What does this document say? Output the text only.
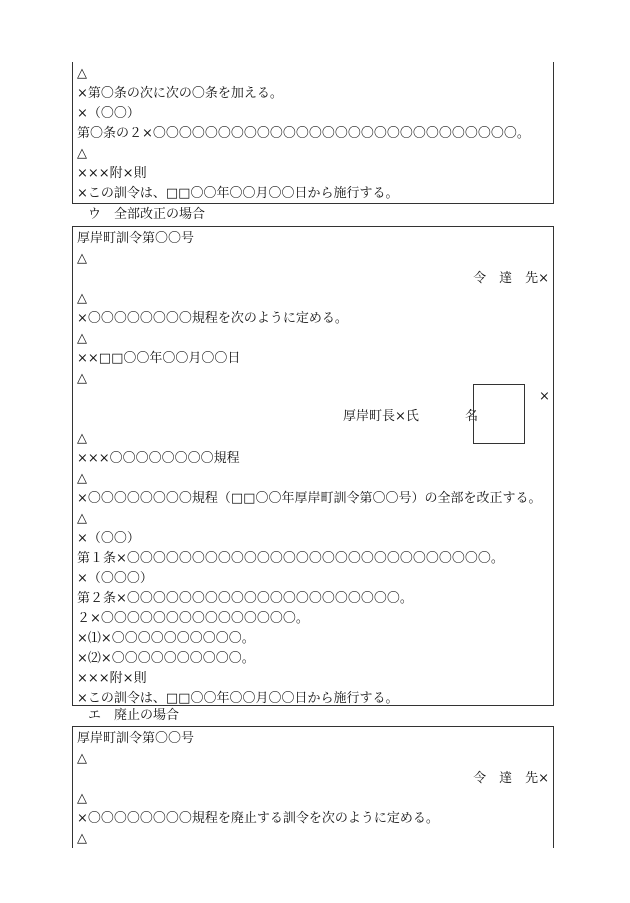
△
×第〇条の次に次の〇条を加える。
×（〇〇）
第〇条の２×〇〇〇〇〇〇〇〇〇〇〇〇〇〇〇〇〇〇〇〇〇〇〇〇〇〇〇〇。
△
×××附×則
×この訓令は、□□〇〇年〇〇月〇〇日から施行する。
ウ　全部改正の場合
厚岸町訓令第〇〇号
△
令　達　先×
△
×〇〇〇〇〇〇〇〇規程を次のように定める。
△
××□□〇〇年〇〇月〇〇日
△
厚岸町長×氏	名
×
△
×××〇〇〇〇〇〇〇〇規程
△
×〇〇〇〇〇〇〇〇規程（□□〇〇年厚岸町訓令第〇〇号）の全部を改正する。
△
×（〇〇）
第１条×〇〇〇〇〇〇〇〇〇〇〇〇〇〇〇〇〇〇〇〇〇〇〇〇〇〇〇〇。
×（〇〇〇）
第２条×〇〇〇〇〇〇〇〇〇〇〇〇〇〇〇〇〇〇〇〇〇。
２×〇〇〇〇〇〇〇〇〇〇〇〇〇〇〇。
×⑴×〇〇〇〇〇〇〇〇〇〇。
×⑵×〇〇〇〇〇〇〇〇〇〇。
×××附×則
×この訓令は、□□〇〇年〇〇月〇〇日から施行する。
エ　廃止の場合
厚岸町訓令第〇〇号
△
令　達　先×
△
×〇〇〇〇〇〇〇〇規程を廃止する訓令を次のように定める。
△
